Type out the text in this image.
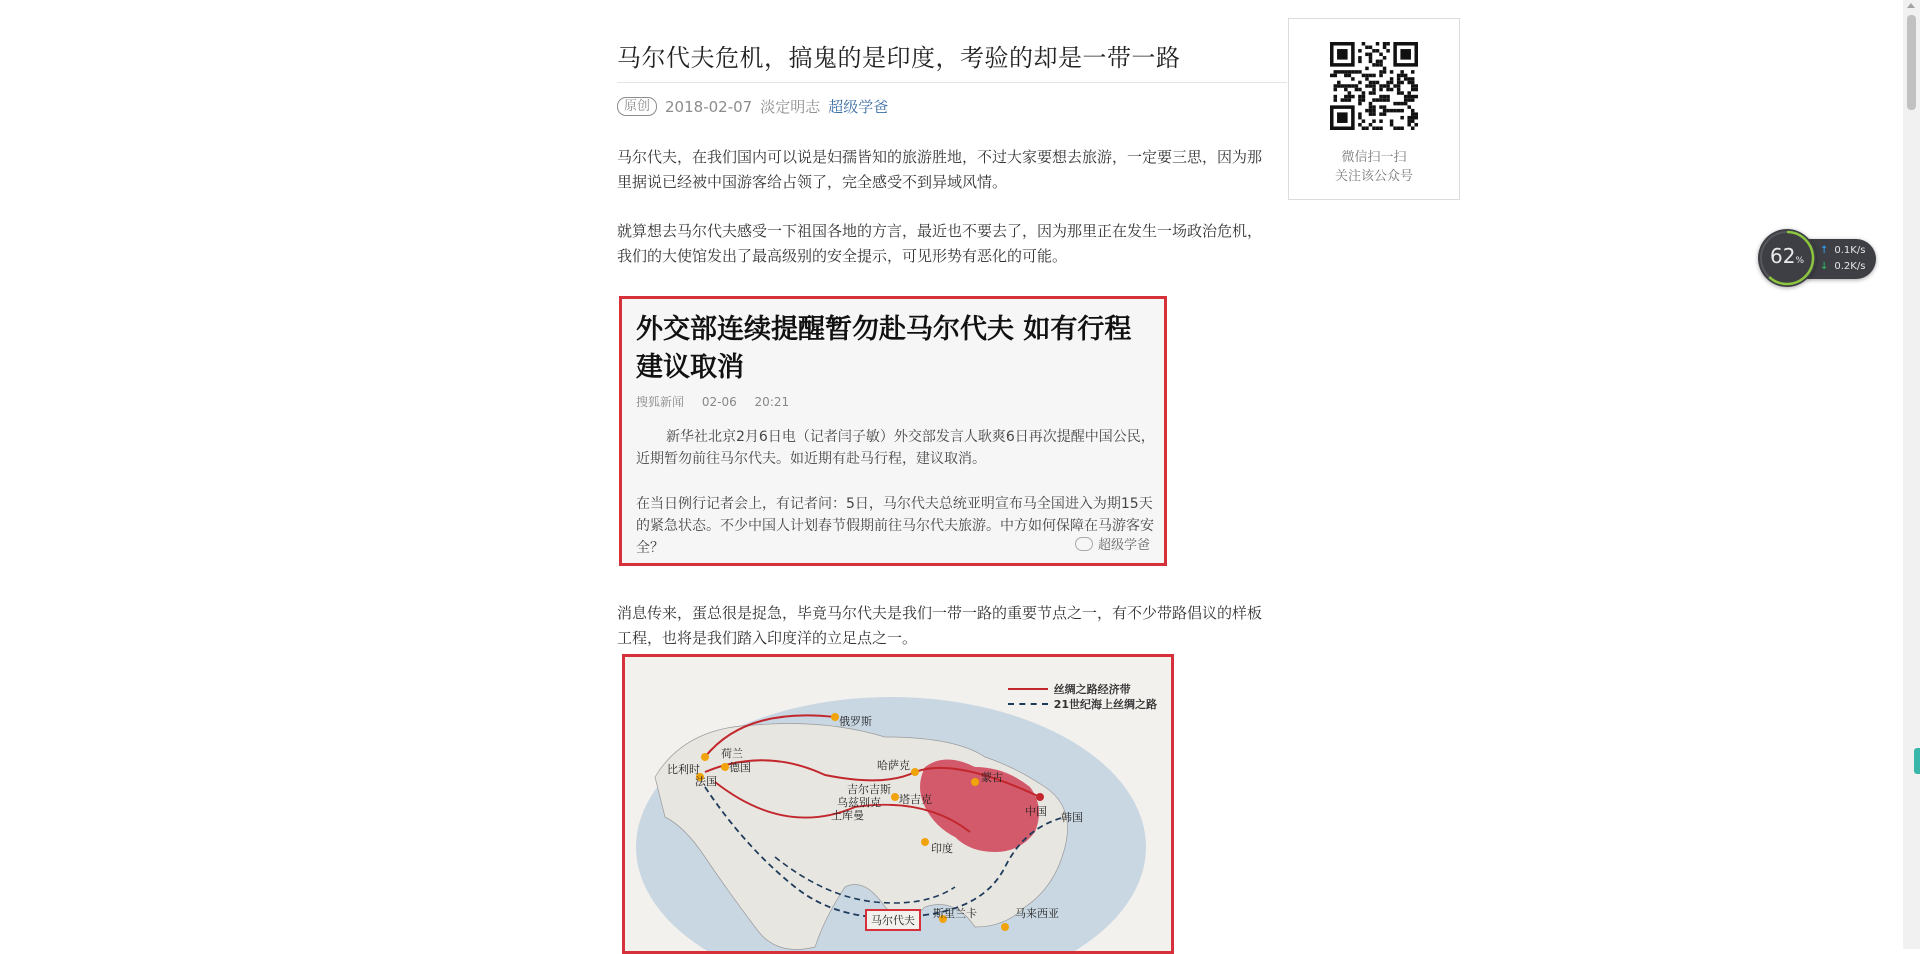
马尔代夫危机，搞鬼的是印度，考验的却是一带一路
原创	2018-02-07 淡定明志 超级学爸
马尔代夫，在我们国内可以说是妇孺皆知的旅游胜地，不过大家要想去旅游，一定要三思，因为那里据说已经被中国游客给占领了，完全感受不到异域风情。
就算想去马尔代夫感受一下祖国各地的方言，最近也不要去了，因为那里正在发生一场政治危机，我们的大使馆发出了最高级别的安全提示，可见形势有恶化的可能。
外交部连续提醒暂勿赴马尔代夫 如有行程建议取消
搜狐新闻 02-06 20:21
新华社北京2月6日电（记者闫子敏）外交部发言人耿爽6日再次提醒中国公民，近期暂勿前往马尔代夫。如近期有赴马行程，建议取消。
在当日例行记者会上，有记者问：5日，马尔代夫总统亚明宣布马全国进入为期15天的紧急状态。不少中国人计划春节假期前往马尔代夫旅游。中方如何保障在马游客安全？	超级学爸
消息传来，蛋总很是捉急，毕竟马尔代夫是我们一带一路的重要节点之一，有不少带路倡议的样板工程，也将是我们踏入印度洋的立足点之一。
丝绸之路经济带
21世纪海上丝绸之路
俄罗斯
荷兰
比利时	德国
法国
哈萨克
蒙古
吉尔吉斯
乌兹别克 塔吉克
土库曼	中国 韩国
印度
斯里兰卡	马来西亚
马尔代夫
微信扫一扫
关注该公众号
↑ 0.1K/s
↓ 0.2K/s
62%
